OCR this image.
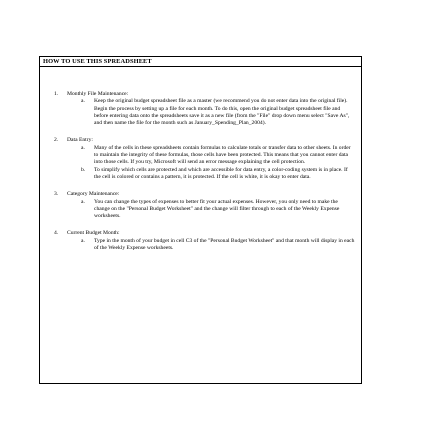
HOW TO USE THIS SPREADSHEET
1.	Monthly File Maintenance:
a.	Keep the original budget spreadsheet file as a master (we recommend you do not enter data into the original file). Begin the process by setting up a file for each month. To do this, open the original budget spreadsheet file and before entering data onto the spreadsheets save it as a new file (from the "File" drop down menu select "Save As", and then name the file for the month such as January_Spending_Plan_2004).
2.	Data Entry:
a.	Many of the cells in these spreadsheets contain formulas to calculate totals or transfer data to other sheets. In order to maintain the integrity of these formulas, those cells have been protected. This means that you cannot enter data into those cells. If you try, Microsoft will send an error message explaining the cell protection.
b.	To simplify which cells are protected and which are accessible for data entry, a color-coding system is in place. If the cell is colored or contains a pattern, it is protected. If the cell is white, it is okay to enter data.
3.	Category Maintenance:
a.	You can change the types of expenses to better fit your actual expenses. However, you only need to make the change on the "Personal Budget Worksheet" and the change will filter through to each of the Weekly Expense worksheets.
4.	Current Budget Month:
a.	Type in the month of your budget in cell C3 of the "Personal Budget Worksheet" and that month will display in each of the Weekly Expense worksheets.
